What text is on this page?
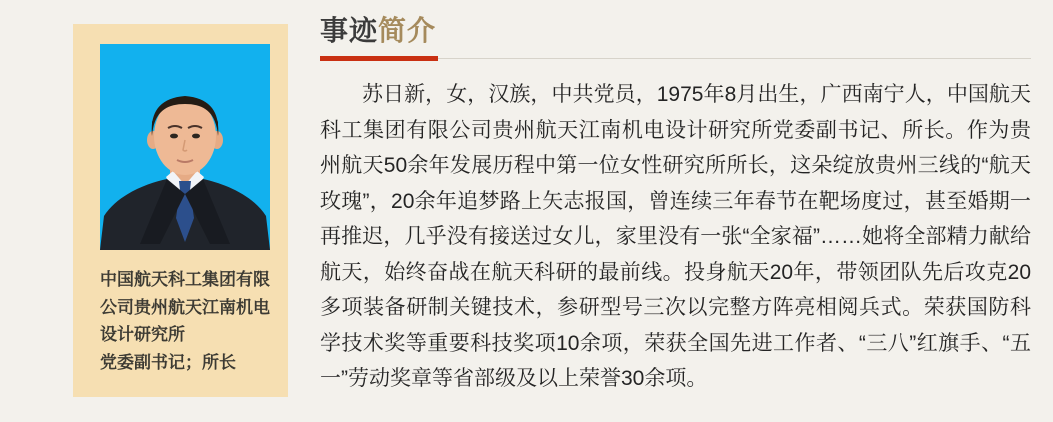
中国航天科工集团有限公司贵州航天江南机电设计研究所

党委副书记；所长

事迹简介

苏日新，女，汉族，中共党员，1975年8月出生，广西南宁人，中国航天科工集团有限公司贵州航天江南机电设计研究所党委副书记、所长。作为贵州航天50余年发展历程中第一位女性研究所所长，这朵绽放贵州三线的“航天玫瑰”，20余年追梦路上矢志报国，曾连续三年春节在靶场度过，甚至婚期一再推迟，几乎没有接送过女儿，家里没有一张“全家福”……她将全部精力献给航天，始终奋战在航天科研的最前线。投身航天20年，带领团队先后攻克20多项装备研制关键技术，参研型号三次以完整方阵亮相阅兵式。荣获国防科学技术奖等重要科技奖项10余项，荣获全国先进工作者、“三八”红旗手、“五一”劳动奖章等省部级及以上荣誉30余项。
